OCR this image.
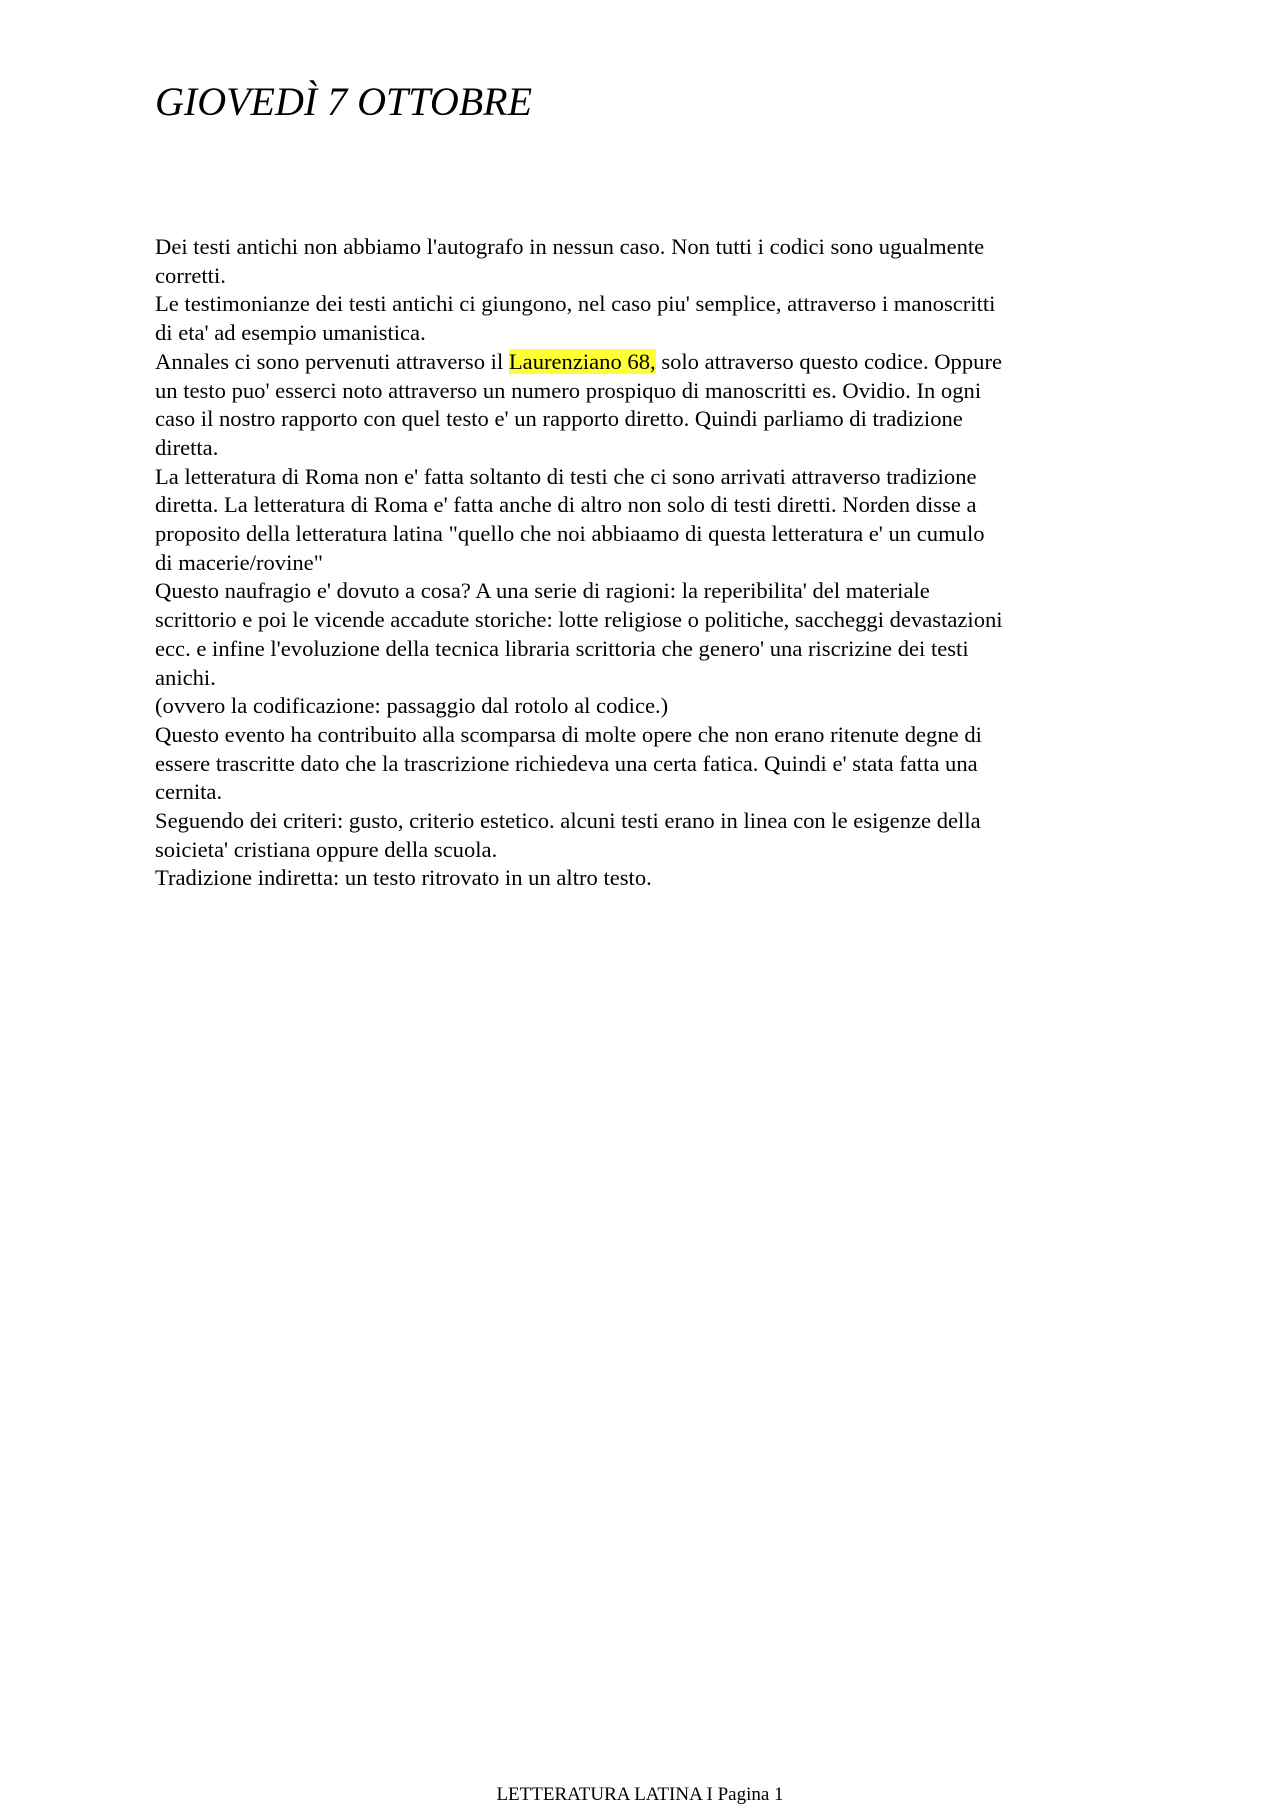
GIOVEDÌ 7 OTTOBRE
Dei testi antichi non abbiamo l'autografo in nessun caso. Non tutti i codici sono ugualmente
corretti.
Le testimonianze dei testi antichi ci giungono, nel caso piu' semplice, attraverso i manoscritti
di eta' ad esempio umanistica.
Annales ci sono pervenuti attraverso il Laurenziano 68, solo attraverso questo codice. Oppure
un testo puo' esserci noto attraverso un numero prospiquo di manoscritti es. Ovidio. In ogni
caso il nostro rapporto con quel testo e' un rapporto diretto. Quindi parliamo di tradizione
diretta.
La letteratura di Roma non e' fatta soltanto di testi che ci sono arrivati attraverso tradizione
diretta. La letteratura di Roma e' fatta anche di altro non solo di testi diretti. Norden disse a
proposito della letteratura latina "quello che noi abbiaamo di questa letteratura e' un cumulo
di macerie/rovine"
Questo naufragio e' dovuto a cosa? A una serie di ragioni: la reperibilita' del materiale
scrittorio e poi le vicende accadute storiche: lotte religiose o politiche, saccheggi devastazioni
ecc. e infine l'evoluzione della tecnica libraria scrittoria che genero' una riscrizine dei testi
anichi.
(ovvero la codificazione: passaggio dal rotolo al codice.)
Questo evento ha contribuito alla scomparsa di molte opere che non erano ritenute degne di
essere trascritte dato che la trascrizione richiedeva una certa fatica. Quindi e' stata fatta una
cernita.
Seguendo dei criteri: gusto, criterio estetico. alcuni testi erano in linea con le esigenze della
soicieta' cristiana oppure della scuola.
Tradizione indiretta: un testo ritrovato in un altro testo.
LETTERATURA LATINA I Pagina 1
